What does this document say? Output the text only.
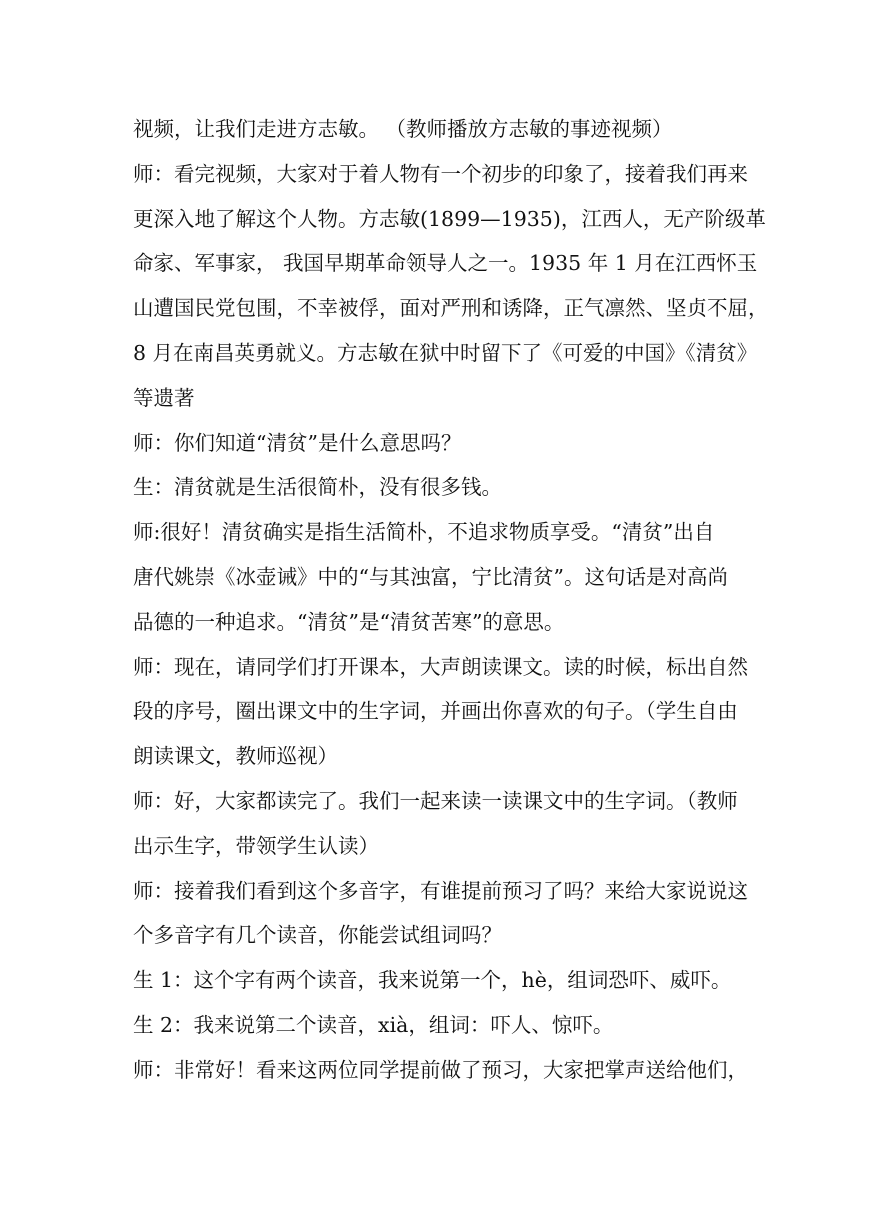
视频，让我们走进方志敏。 （教师播放方志敏的事迹视频）
师：看完视频，大家对于着人物有一个初步的印象了，接着我们再来
更深入地了解这个人物。方志敏(1899—1935)，江西人，无产阶级革
命家、军事家， 我国早期革命领导人之一。1935 年 1 月在江西怀玉
山遭国民党包围，不幸被俘，面对严刑和诱降，正气凛然、坚贞不屈，
8 月在南昌英勇就义。方志敏在狱中时留下了《可爱的中国》《清贫》
等遗著
师：你们知道“清贫”是什么意思吗？
生：清贫就是生活很简朴，没有很多钱。
师:很好！清贫确实是指生活简朴，不追求物质享受。“清贫”出自
唐代姚崇《冰壶诫》中的“与其浊富，宁比清贫”。这句话是对高尚
品德的一种追求。“清贫”是“清贫苦寒”的意思。
师：现在，请同学们打开课本，大声朗读课文。读的时候，标出自然
段的序号，圈出课文中的生字词，并画出你喜欢的句子。（学生自由
朗读课文，教师巡视）
师：好，大家都读完了。我们一起来读一读课文中的生字词。（教师
出示生字，带领学生认读）
师：接着我们看到这个多音字，有谁提前预习了吗？来给大家说说这
个多音字有几个读音，你能尝试组词吗？
生 1：这个字有两个读音，我来说第一个，hè，组词恐吓、威吓。
生 2：我来说第二个读音，xià，组词：吓人、惊吓。
师：非常好！看来这两位同学提前做了预习，大家把掌声送给他们，
